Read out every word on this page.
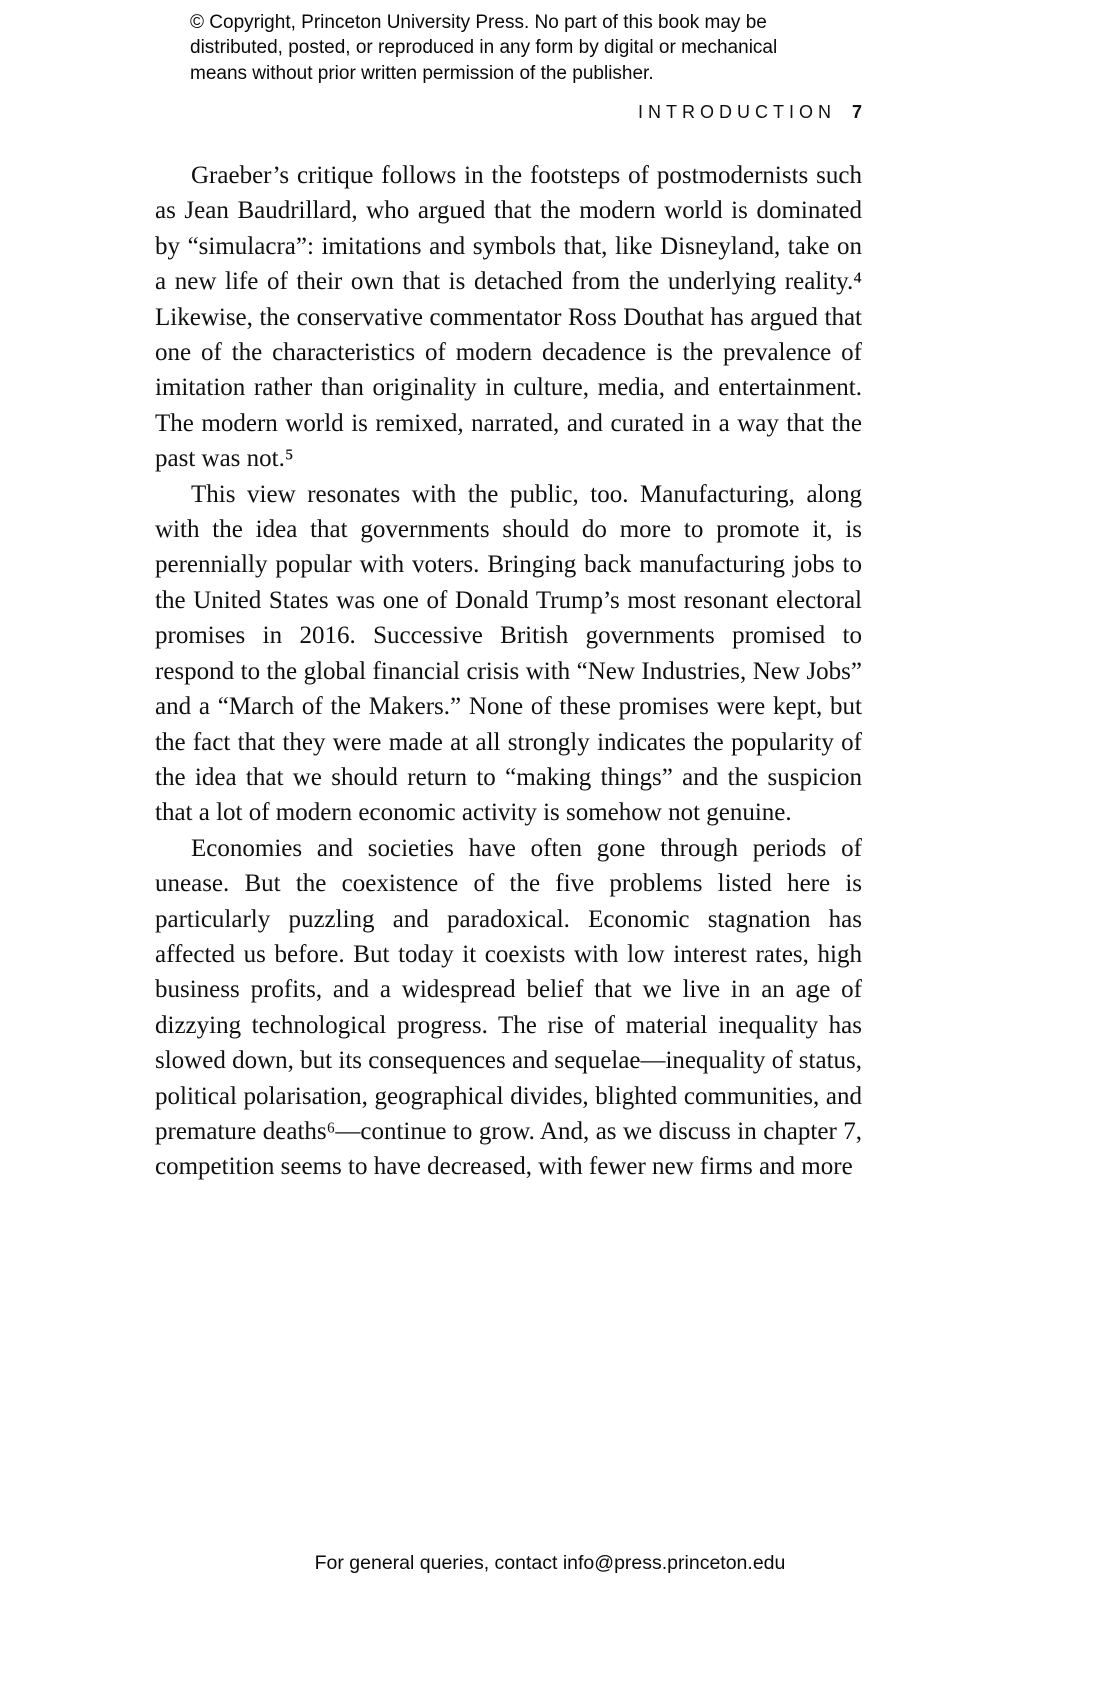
© Copyright, Princeton University Press. No part of this book may be distributed, posted, or reproduced in any form by digital or mechanical means without prior written permission of the publisher.
INTRODUCTION 7

Graeber’s critique follows in the footsteps of postmodernists such as Jean Baudrillard, who argued that the modern world is dominated by “simulacra”: imitations and symbols that, like Disneyland, take on a new life of their own that is detached from the underlying reality.⁴ Likewise, the conservative commentator Ross Douthat has argued that one of the characteristics of modern decadence is the prevalence of imitation rather than originality in culture, media, and entertainment. The modern world is remixed, narrated, and curated in a way that the past was not.⁵

This view resonates with the public, too. Manufacturing, along with the idea that governments should do more to promote it, is perennially popular with voters. Bringing back manufacturing jobs to the United States was one of Donald Trump’s most resonant electoral promises in 2016. Successive British governments promised to respond to the global financial crisis with “New Industries, New Jobs” and a “March of the Makers.” None of these promises were kept, but the fact that they were made at all strongly indicates the popularity of the idea that we should return to “making things” and the suspicion that a lot of modern economic activity is somehow not genuine.

Economies and societies have often gone through periods of unease. But the coexistence of the five problems listed here is particularly puzzling and paradoxical. Economic stagnation has affected us before. But today it coexists with low interest rates, high business profits, and a widespread belief that we live in an age of dizzying technological progress. The rise of material inequality has slowed down, but its consequences and sequelae—inequality of status, political polarisation, geographical divides, blighted communities, and premature deaths⁶—continue to grow. And, as we discuss in chapter 7, competition seems to have decreased, with fewer new firms and more

For general queries, contact info@press.princeton.edu
